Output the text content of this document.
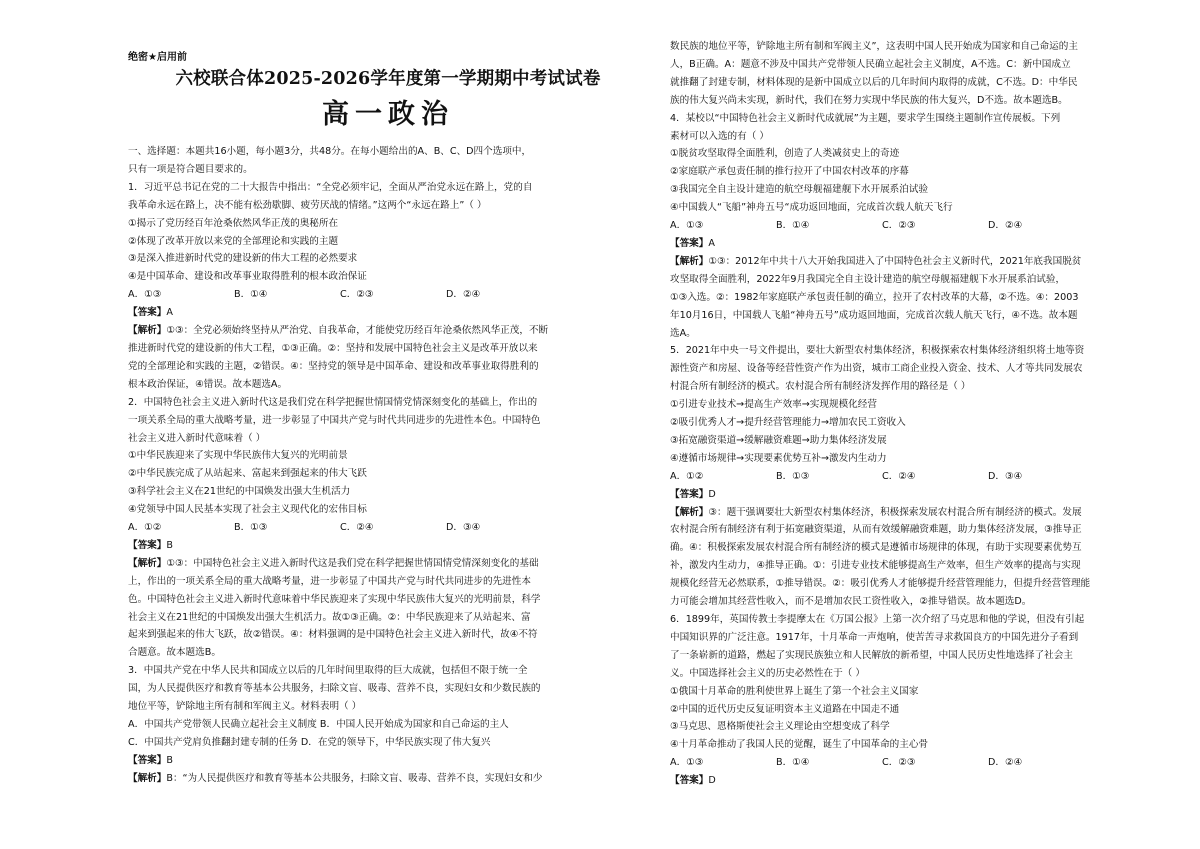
绝密★启用前
六校联合体2025-2026学年度第一学期期中考试试卷
高一政治
一、选择题：本题共16小题，每小题3分，共48分。在每小题给出的A、B、C、D四个选项中，
只有一项是符合题目要求的。
1．习近平总书记在党的二十大报告中指出：“全党必须牢记，全面从严治党永远在路上，党的自
我革命永远在路上，决不能有松劲歇脚、疲劳厌战的情绪。”这两个“永远在路上”（ ）
①揭示了党历经百年沧桑依然风华正茂的奥秘所在
②体现了改革开放以来党的全部理论和实践的主题
③是深入推进新时代党的建设新的伟大工程的必然要求
④是中国革命、建设和改革事业取得胜利的根本政治保证
A．①③	B．①④	C．②③	D．②④
【答案】A
【解析】①③：全党必须始终坚持从严治党、自我革命，才能使党历经百年沧桑依然风华正茂，不断
推进新时代党的建设新的伟大工程，①③正确。②：坚持和发展中国特色社会主义是改革开放以来
党的全部理论和实践的主题，②错误。④：坚持党的领导是中国革命、建设和改革事业取得胜利的
根本政治保证，④错误。故本题选A。
2．中国特色社会主义进入新时代这是我们党在科学把握世情国情党情深刻变化的基础上，作出的
一项关系全局的重大战略考量，进一步彰显了中国共产党与时代共同进步的先进性本色。中国特色
社会主义进入新时代意味着（ ）
①中华民族迎来了实现中华民族伟大复兴的光明前景
②中华民族完成了从站起来、富起来到强起来的伟大飞跃
③科学社会主义在21世纪的中国焕发出强大生机活力
④党领导中国人民基本实现了社会主义现代化的宏伟目标
A．①②	B．①③	C．②④	D．③④
【答案】B
【解析】①③：中国特色社会主义进入新时代这是我们党在科学把握世情国情党情深刻变化的基础
上，作出的一项关系全局的重大战略考量，进一步彰显了中国共产党与时代共同进步的先进性本
色。中国特色社会主义进入新时代意味着中华民族迎来了实现中华民族伟大复兴的光明前景，科学
社会主义在21世纪的中国焕发出强大生机活力。故①③正确。②：中华民族迎来了从站起来、富
起来到强起来的伟大飞跃，故②错误。④：材料强调的是中国特色社会主义进入新时代，故④不符
合题意。故本题选B。
3．中国共产党在中华人民共和国成立以后的几年时间里取得的巨大成就，包括但不限于统一全
国，为人民提供医疗和教育等基本公共服务，扫除文盲、吸毒、营养不良，实现妇女和少数民族的
地位平等，铲除地主所有制和军阀主义。材料表明（ ）
A．中国共产党带领人民确立起社会主义制度 B．中国人民开始成为国家和自己命运的主人
C．中国共产党肩负推翻封建专制的任务 D．在党的领导下，中华民族实现了伟大复兴
【答案】B
【解析】B：“为人民提供医疗和教育等基本公共服务，扫除文盲、吸毒、营养不良，实现妇女和少
数民族的地位平等，铲除地主所有制和军阀主义”，这表明中国人民开始成为国家和自己命运的主
人，B正确。A：题意不涉及中国共产党带领人民确立起社会主义制度，A不选。C：新中国成立
就推翻了封建专制，材料体现的是新中国成立以后的几年时间内取得的成就，C不选。D：中华民
族的伟大复兴尚未实现，新时代，我们在努力实现中华民族的伟大复兴，D不选。故本题选B。
4．某校以“中国特色社会主义新时代成就展”为主题，要求学生围绕主题制作宣传展板。下列
素材可以入选的有（ ）
①脱贫攻坚取得全面胜利，创造了人类减贫史上的奇迹
②家庭联产承包责任制的推行拉开了中国农村改革的序幕
③我国完全自主设计建造的航空母舰福建舰下水开展系泊试验
④中国载人“飞船”神舟五号“成功返回地面，完成首次载人航天飞行
A．①③	B．①④	C．②③	D．②④
【答案】A
【解析】①③：2012年中共十八大开始我国进入了中国特色社会主义新时代，2021年底我国脱贫
攻坚取得全面胜利，2022年9月我国完全自主设计建造的航空母舰福建舰下水开展系泊试验，
①③入选。②：1982年家庭联产承包责任制的确立，拉开了农村改革的大幕，②不选。④：2003
年10月16日，中国载人飞船“神舟五号”成功返回地面，完成首次载人航天飞行，④不选。故本题
选A。
5．2021年中央一号文件提出，要壮大新型农村集体经济，积极探索农村集体经济组织将土地等资
源性资产和房屋、设备等经营性资产作为出资，城市工商企业投入资金、技术、人才等共同发展农
村混合所有制经济的模式。农村混合所有制经济发挥作用的路径是（ ）
①引进专业技术→提高生产效率→实现规模化经营
②吸引优秀人才→提升经营管理能力→增加农民工资收入
③拓宽融资渠道→缓解融资难题→助力集体经济发展
④遵循市场规律→实现要素优势互补→激发内生动力
A．①②	B．①③	C．②④	D．③④
【答案】D
【解析】③：题干强调要壮大新型农村集体经济，积极探索发展农村混合所有制经济的模式。发展
农村混合所有制经济有利于拓宽融资渠道，从而有效缓解融资难题，助力集体经济发展，③推导正
确。④：积极探索发展农村混合所有制经济的模式是遵循市场规律的体现，有助于实现要素优势互
补，激发内生动力，④推导正确。①：引进专业技术能够提高生产效率，但生产效率的提高与实现
规模化经营无必然联系，①推导错误。②：吸引优秀人才能够提升经营管理能力，但提升经营管理能
力可能会增加其经营性收入，而不是增加农民工资性收入，②推导错误。故本题选D。
6．1899年，英国传教士李提摩太在《万国公报》上第一次介绍了马克思和他的学说，但没有引起
中国知识界的广泛注意。1917年，十月革命一声炮响，使苦苦寻求救国良方的中国先进分子看到
了一条崭新的道路，燃起了实现民族独立和人民解放的新希望，中国人民历史性地选择了社会主
义。中国选择社会主义的历史必然性在于（ ）
①俄国十月革命的胜利使世界上诞生了第一个社会主义国家
②中国的近代历史反复证明资本主义道路在中国走不通
③马克思、恩格斯使社会主义理论由空想变成了科学
④十月革命推动了我国人民的觉醒，诞生了中国革命的主心骨
A．①③	B．①④	C．②③	D．②④
【答案】D
